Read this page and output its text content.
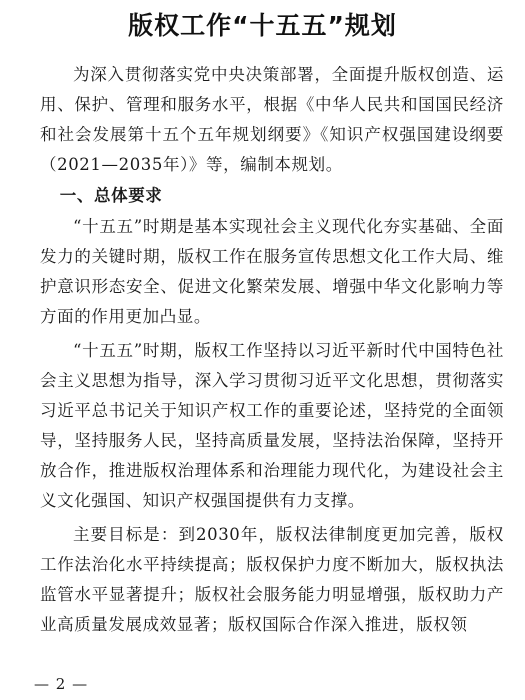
版权工作“十五五”规划

为深入贯彻落实党中央决策部署，全面提升版权创造、运用、保护、管理和服务水平，根据《中华人民共和国国民经济和社会发展第十五个五年规划纲要》《知识产权强国建设纲要（2021—2035年）》等，编制本规划。

一、总体要求

“十五五”时期是基本实现社会主义现代化夯实基础、全面发力的关键时期，版权工作在服务宣传思想文化工作大局、维护意识形态安全、促进文化繁荣发展、增强中华文化影响力等方面的作用更加凸显。

“十五五”时期，版权工作坚持以习近平新时代中国特色社会主义思想为指导，深入学习贯彻习近平文化思想，贯彻落实习近平总书记关于知识产权工作的重要论述，坚持党的全面领导，坚持服务人民，坚持高质量发展，坚持法治保障，坚持开放合作，推进版权治理体系和治理能力现代化，为建设社会主义文化强国、知识产权强国提供有力支撑。

主要目标是：到2030年，版权法律制度更加完善，版权工作法治化水平持续提高；版权保护力度不断加大，版权执法监管水平显著提升；版权社会服务能力明显增强，版权助力产业高质量发展成效显著；版权国际合作深入推进，版权领

— 2 —
